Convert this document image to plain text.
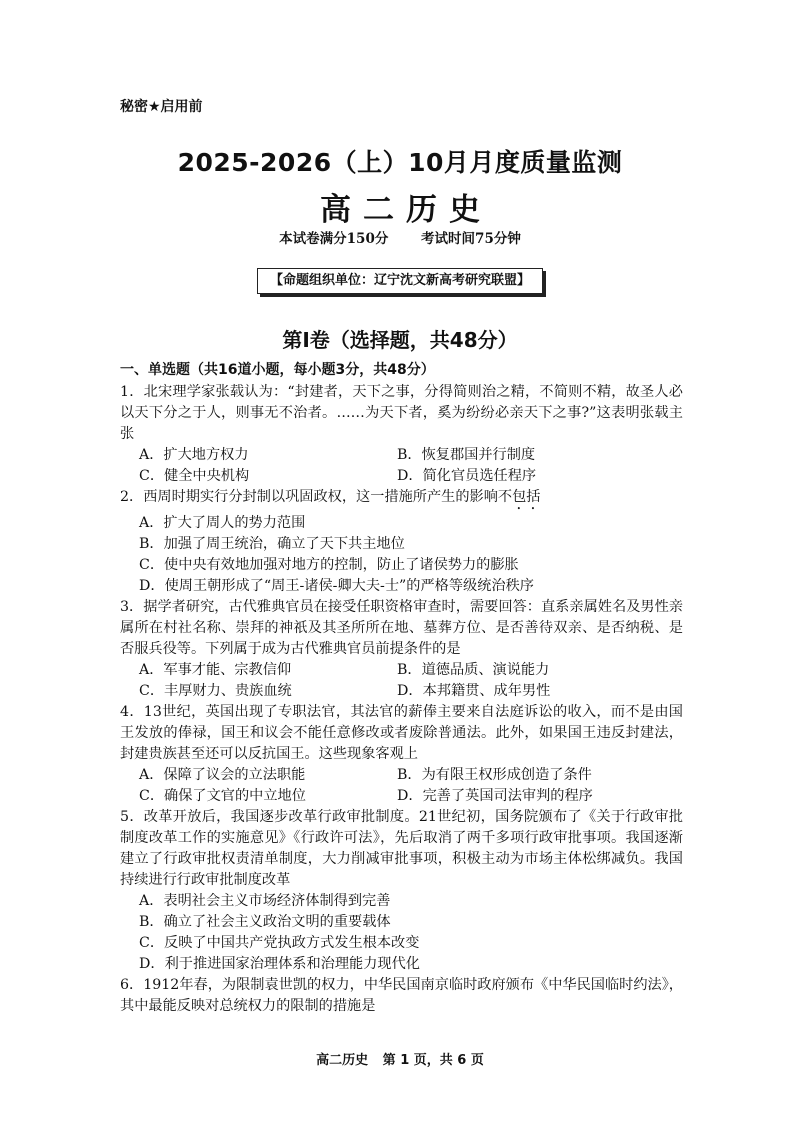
秘密★启用前
2025-2026（上）10月月度质量监测
高二历史
本试卷满分150分 考试时间75分钟
【命题组织单位：辽宁沈文新高考研究联盟】
第Ⅰ卷（选择题，共48分）
一、单选题（共16道小题，每小题3分，共48分）
1．北宋理学家张载认为：“封建者，天下之事，分得简则治之精，不简则不精，故圣人必以天下分之于人，则事无不治者。……为天下者，奚为纷纷必亲天下之事?”这表明张载主张
A．扩大地方权力	B．恢复郡国并行制度
C．健全中央机构	D．简化官员选任程序
2．西周时期实行分封制以巩固政权，这一措施所产生的影响不包括
A．扩大了周人的势力范围
B．加强了周王统治，确立了天下共主地位
C．使中央有效地加强对地方的控制，防止了诸侯势力的膨胀
D．使周王朝形成了“周王-诸侯-卿大夫-士”的严格等级统治秩序
3．据学者研究，古代雅典官员在接受任职资格审查时，需要回答：直系亲属姓名及男性亲属所在村社名称、崇拜的神祇及其圣所所在地、墓葬方位、是否善待双亲、是否纳税、是否服兵役等。下列属于成为古代雅典官员前提条件的是
A．军事才能、宗教信仰	B．道德品质、演说能力
C．丰厚财力、贵族血统	D．本邦籍贯、成年男性
4．13世纪，英国出现了专职法官，其法官的薪俸主要来自法庭诉讼的收入，而不是由国王发放的俸禄，国王和议会不能任意修改或者废除普通法。此外，如果国王违反封建法，封建贵族甚至还可以反抗国王。这些现象客观上
A．保障了议会的立法职能	B．为有限王权形成创造了条件
C．确保了文官的中立地位	D．完善了英国司法审判的程序
5．改革开放后，我国逐步改革行政审批制度。21世纪初，国务院颁布了《关于行政审批制度改革工作的实施意见》《行政许可法》，先后取消了两千多项行政审批事项。我国逐渐建立了行政审批权责清单制度，大力削减审批事项，积极主动为市场主体松绑减负。我国持续进行行政审批制度改革
A．表明社会主义市场经济体制得到完善
B．确立了社会主义政治文明的重要载体
C．反映了中国共产党执政方式发生根本改变
D．利于推进国家治理体系和治理能力现代化
6．1912年春，为限制袁世凯的权力，中华民国南京临时政府颁布《中华民国临时约法》，其中最能反映对总统权力的限制的措施是
高二历史 第 1 页，共 6 页
